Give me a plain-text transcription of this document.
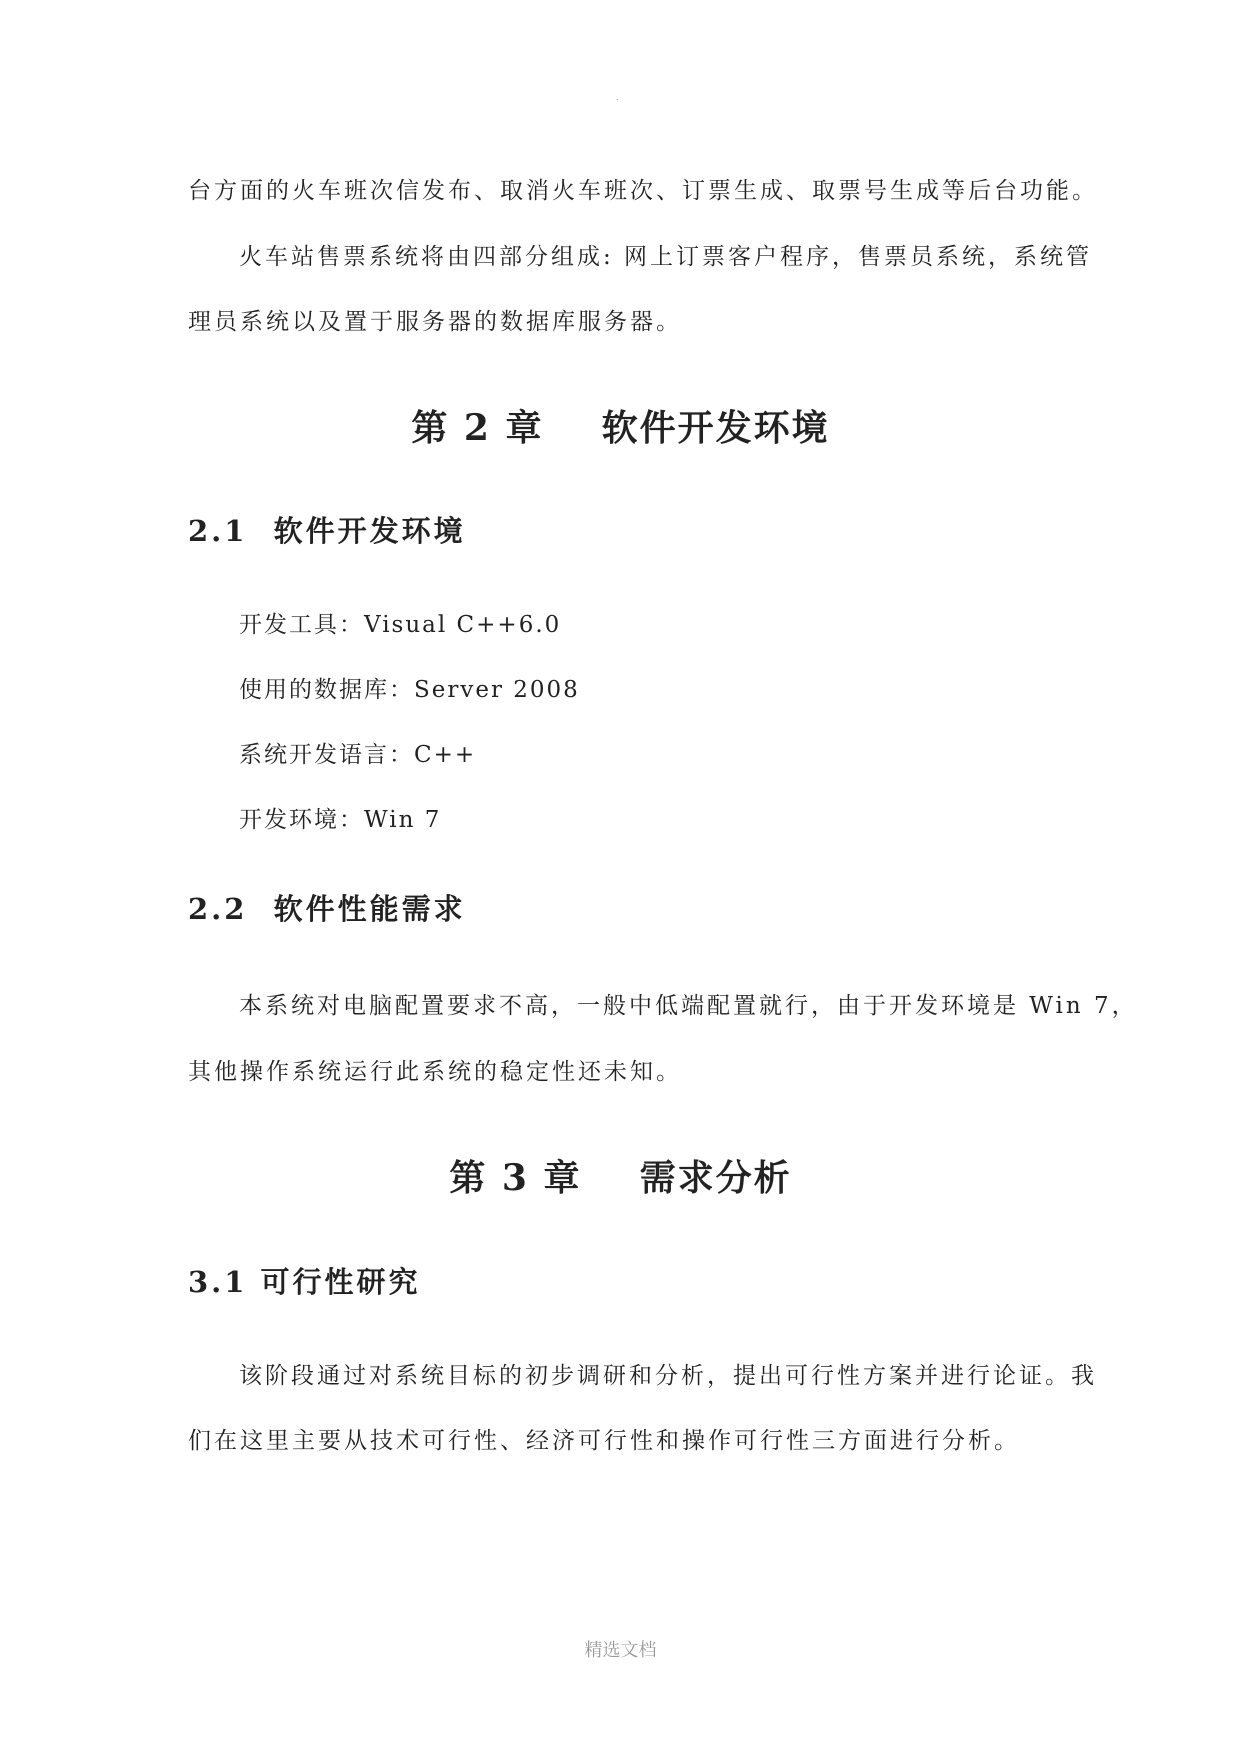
.

台方面的火车班次信发布、取消火车班次、订票生成、取票号生成等后台功能。

火车站售票系统将由四部分组成: 网上订票客户程序，售票员系统，系统管

理员系统以及置于服务器的数据库服务器。

第 2 章    软件开发环境
2.1  软件开发环境

开发工具：Visual C++6.0

使用的数据库：Server 2008

系统开发语言：C++

开发环境：Win 7

2.2  软件性能需求

本系统对电脑配置要求不高，一般中低端配置就行，由于开发环境是 Win 7，

其他操作系统运行此系统的稳定性还未知。

第 3 章    需求分析
3.1 可行性研究

该阶段通过对系统目标的初步调研和分析，提出可行性方案并进行论证。我

们在这里主要从技术可行性、经济可行性和操作可行性三方面进行分析。

精选文档
